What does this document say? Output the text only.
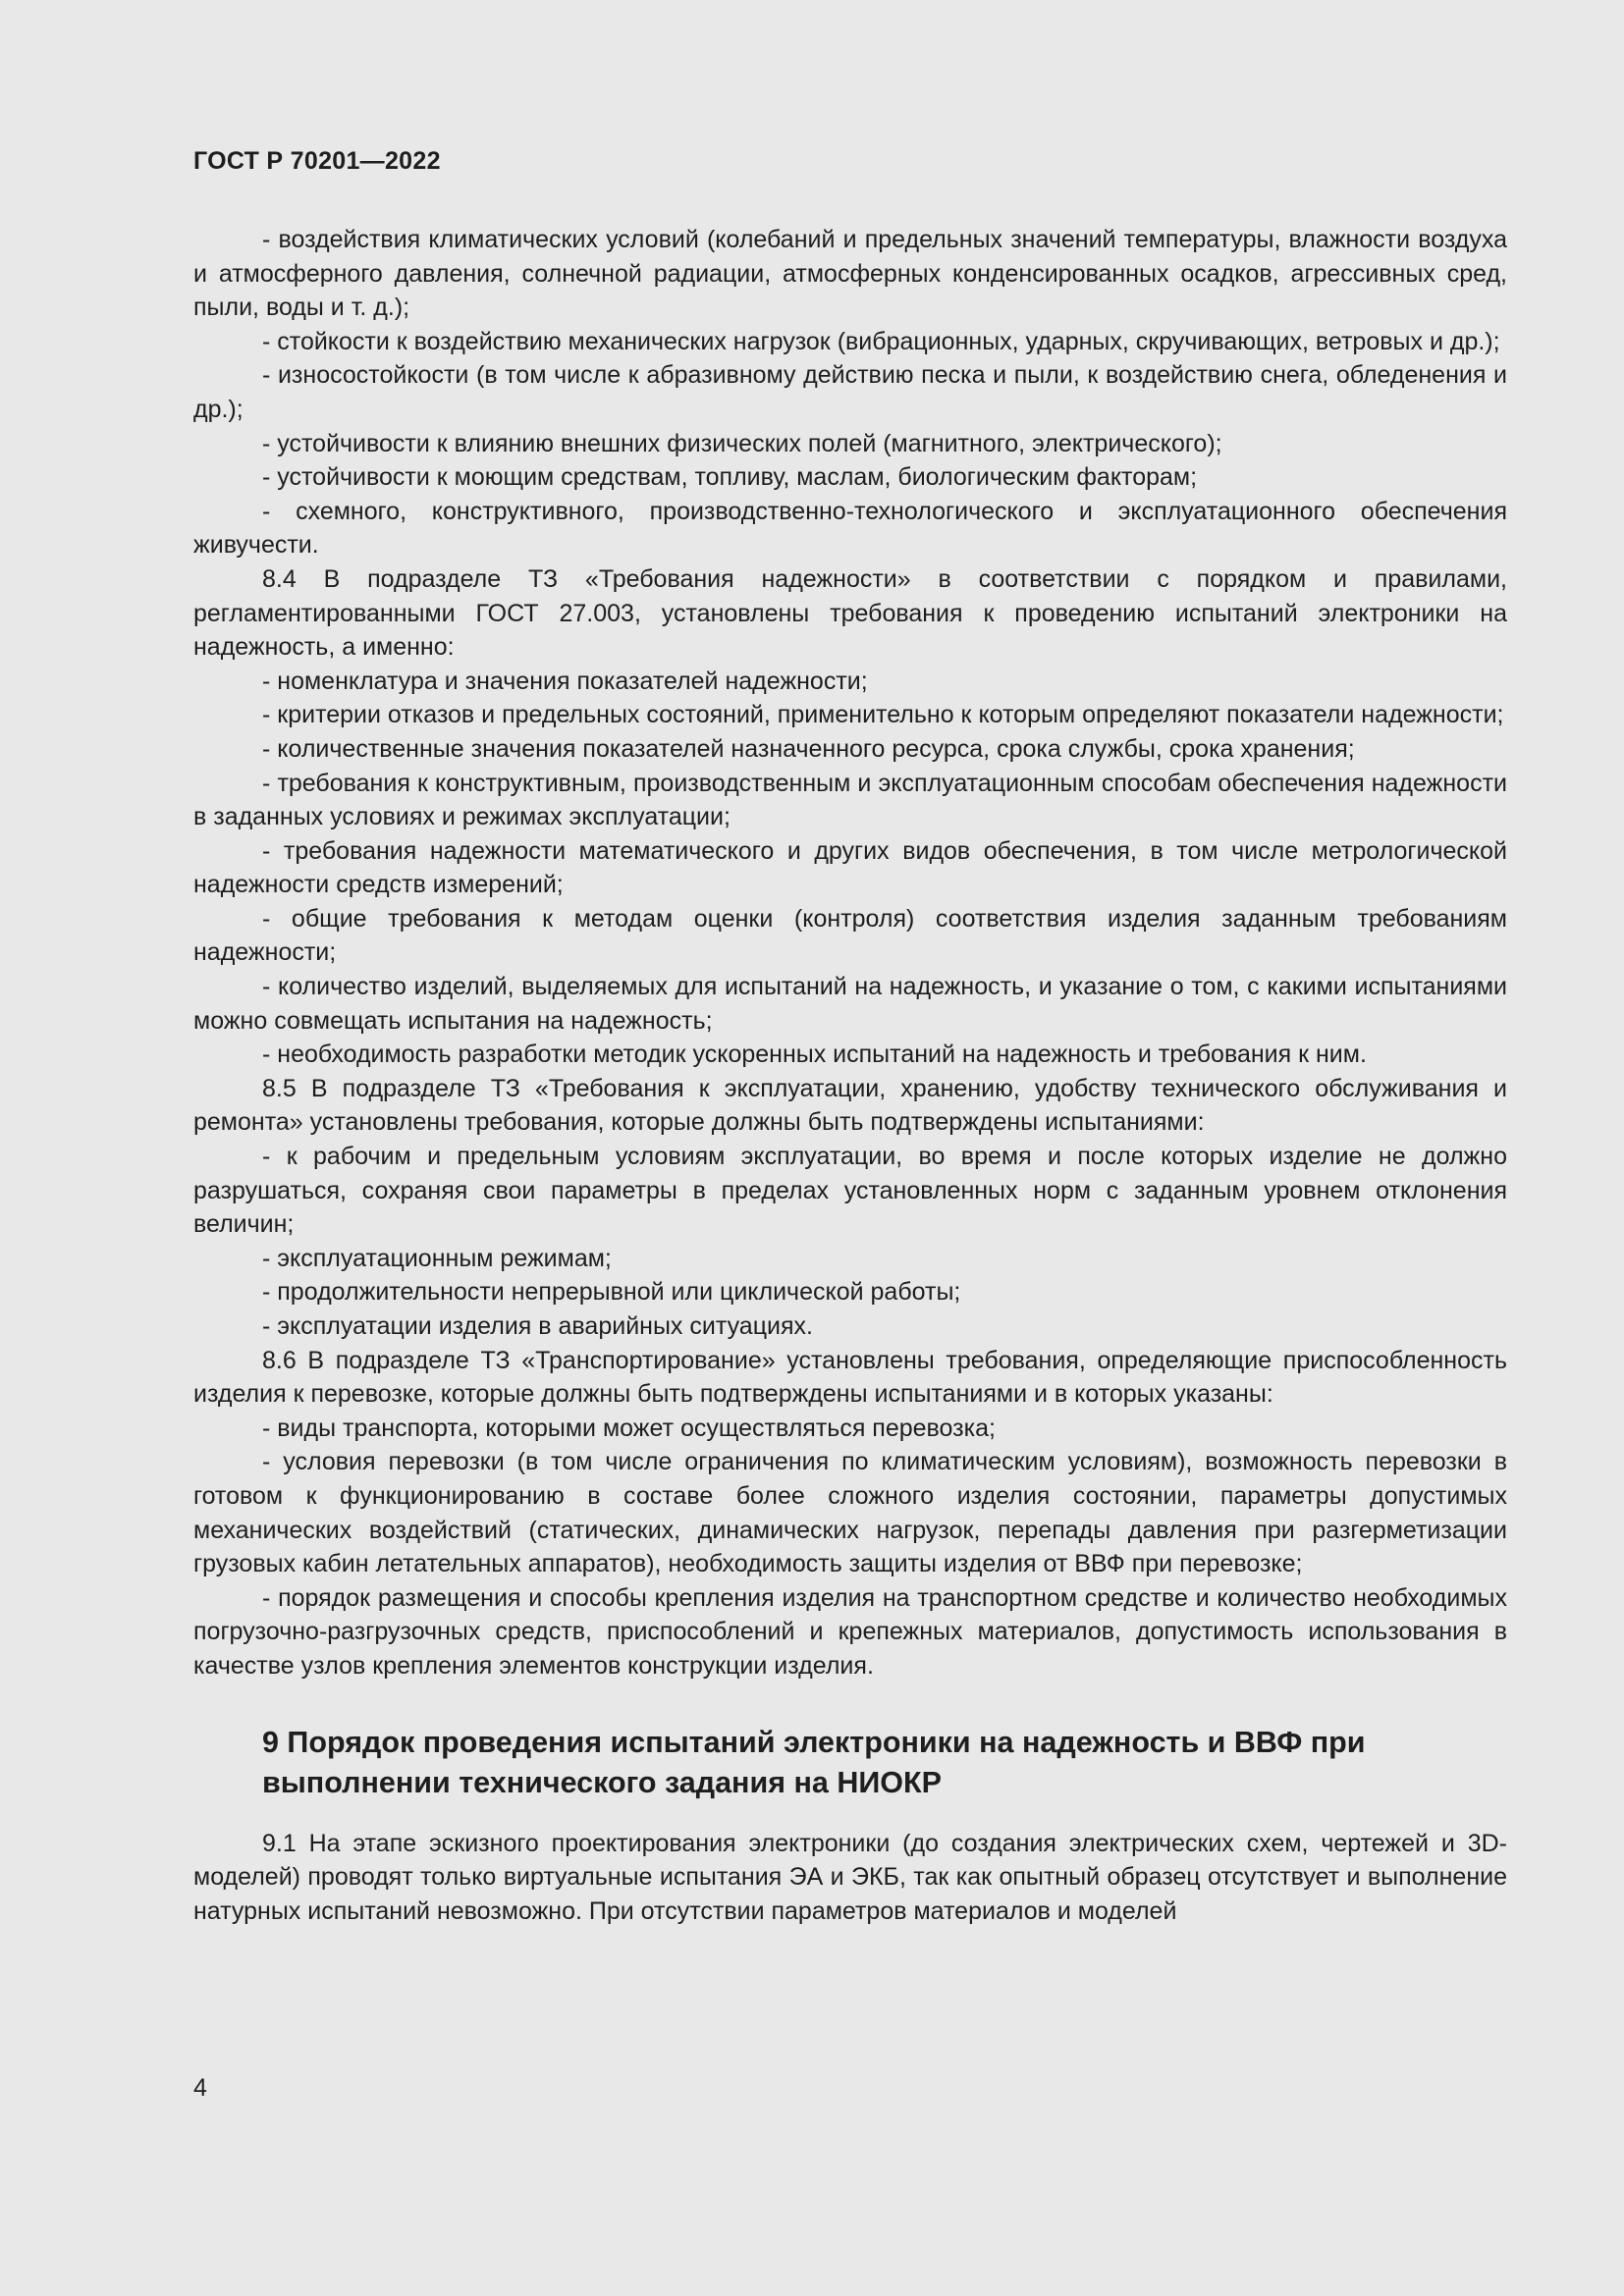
ГОСТ Р 70201—2022

- воздействия климатических условий (колебаний и предельных значений температуры, влажности воздуха и атмосферного давления, солнечной радиации, атмосферных конденсированных осадков, агрессивных сред, пыли, воды и т. д.);

- стойкости к воздействию механических нагрузок (вибрационных, ударных, скручивающих, ветровых и др.);

- износостойкости (в том числе к абразивному действию песка и пыли, к воздействию снега, обледенения и др.);

- устойчивости к влиянию внешних физических полей (магнитного, электрического);

- устойчивости к моющим средствам, топливу, маслам, биологическим факторам;

- схемного, конструктивного, производственно-технологического и эксплуатационного обеспечения живучести.

8.4 В подразделе ТЗ «Требования надежности» в соответствии с порядком и правилами, регламентированными ГОСТ 27.003, установлены требования к проведению испытаний электроники на надежность, а именно:

- номенклатура и значения показателей надежности;

- критерии отказов и предельных состояний, применительно к которым определяют показатели надежности;

- количественные значения показателей назначенного ресурса, срока службы, срока хранения;

- требования к конструктивным, производственным и эксплуатационным способам обеспечения надежности в заданных условиях и режимах эксплуатации;

- требования надежности математического и других видов обеспечения, в том числе метрологической надежности средств измерений;

- общие требования к методам оценки (контроля) соответствия изделия заданным требованиям надежности;

- количество изделий, выделяемых для испытаний на надежность, и указание о том, с какими испытаниями можно совмещать испытания на надежность;

- необходимость разработки методик ускоренных испытаний на надежность и требования к ним.

8.5 В подразделе ТЗ «Требования к эксплуатации, хранению, удобству технического обслуживания и ремонта» установлены требования, которые должны быть подтверждены испытаниями:

- к рабочим и предельным условиям эксплуатации, во время и после которых изделие не должно разрушаться, сохраняя свои параметры в пределах установленных норм с заданным уровнем отклонения величин;

- эксплуатационным режимам;

- продолжительности непрерывной или циклической работы;

- эксплуатации изделия в аварийных ситуациях.

8.6 В подразделе ТЗ «Транспортирование» установлены требования, определяющие приспособленность изделия к перевозке, которые должны быть подтверждены испытаниями и в которых указаны:

- виды транспорта, которыми может осуществляться перевозка;

- условия перевозки (в том числе ограничения по климатическим условиям), возможность перевозки в готовом к функционированию в составе более сложного изделия состоянии, параметры допустимых механических воздействий (статических, динамических нагрузок, перепады давления при разгерметизации грузовых кабин летательных аппаратов), необходимость защиты изделия от ВВФ при перевозке;

- порядок размещения и способы крепления изделия на транспортном средстве и количество необходимых погрузочно-разгрузочных средств, приспособлений и крепежных материалов, допустимость использования в качестве узлов крепления элементов конструкции изделия.

9 Порядок проведения испытаний электроники на надежность и ВВФ при выполнении технического задания на НИОКР

9.1 На этапе эскизного проектирования электроники (до создания электрических схем, чертежей и 3D-моделей) проводят только виртуальные испытания ЭА и ЭКБ, так как опытный образец отсутствует и выполнение натурных испытаний невозможно. При отсутствии параметров материалов и моделей

4
